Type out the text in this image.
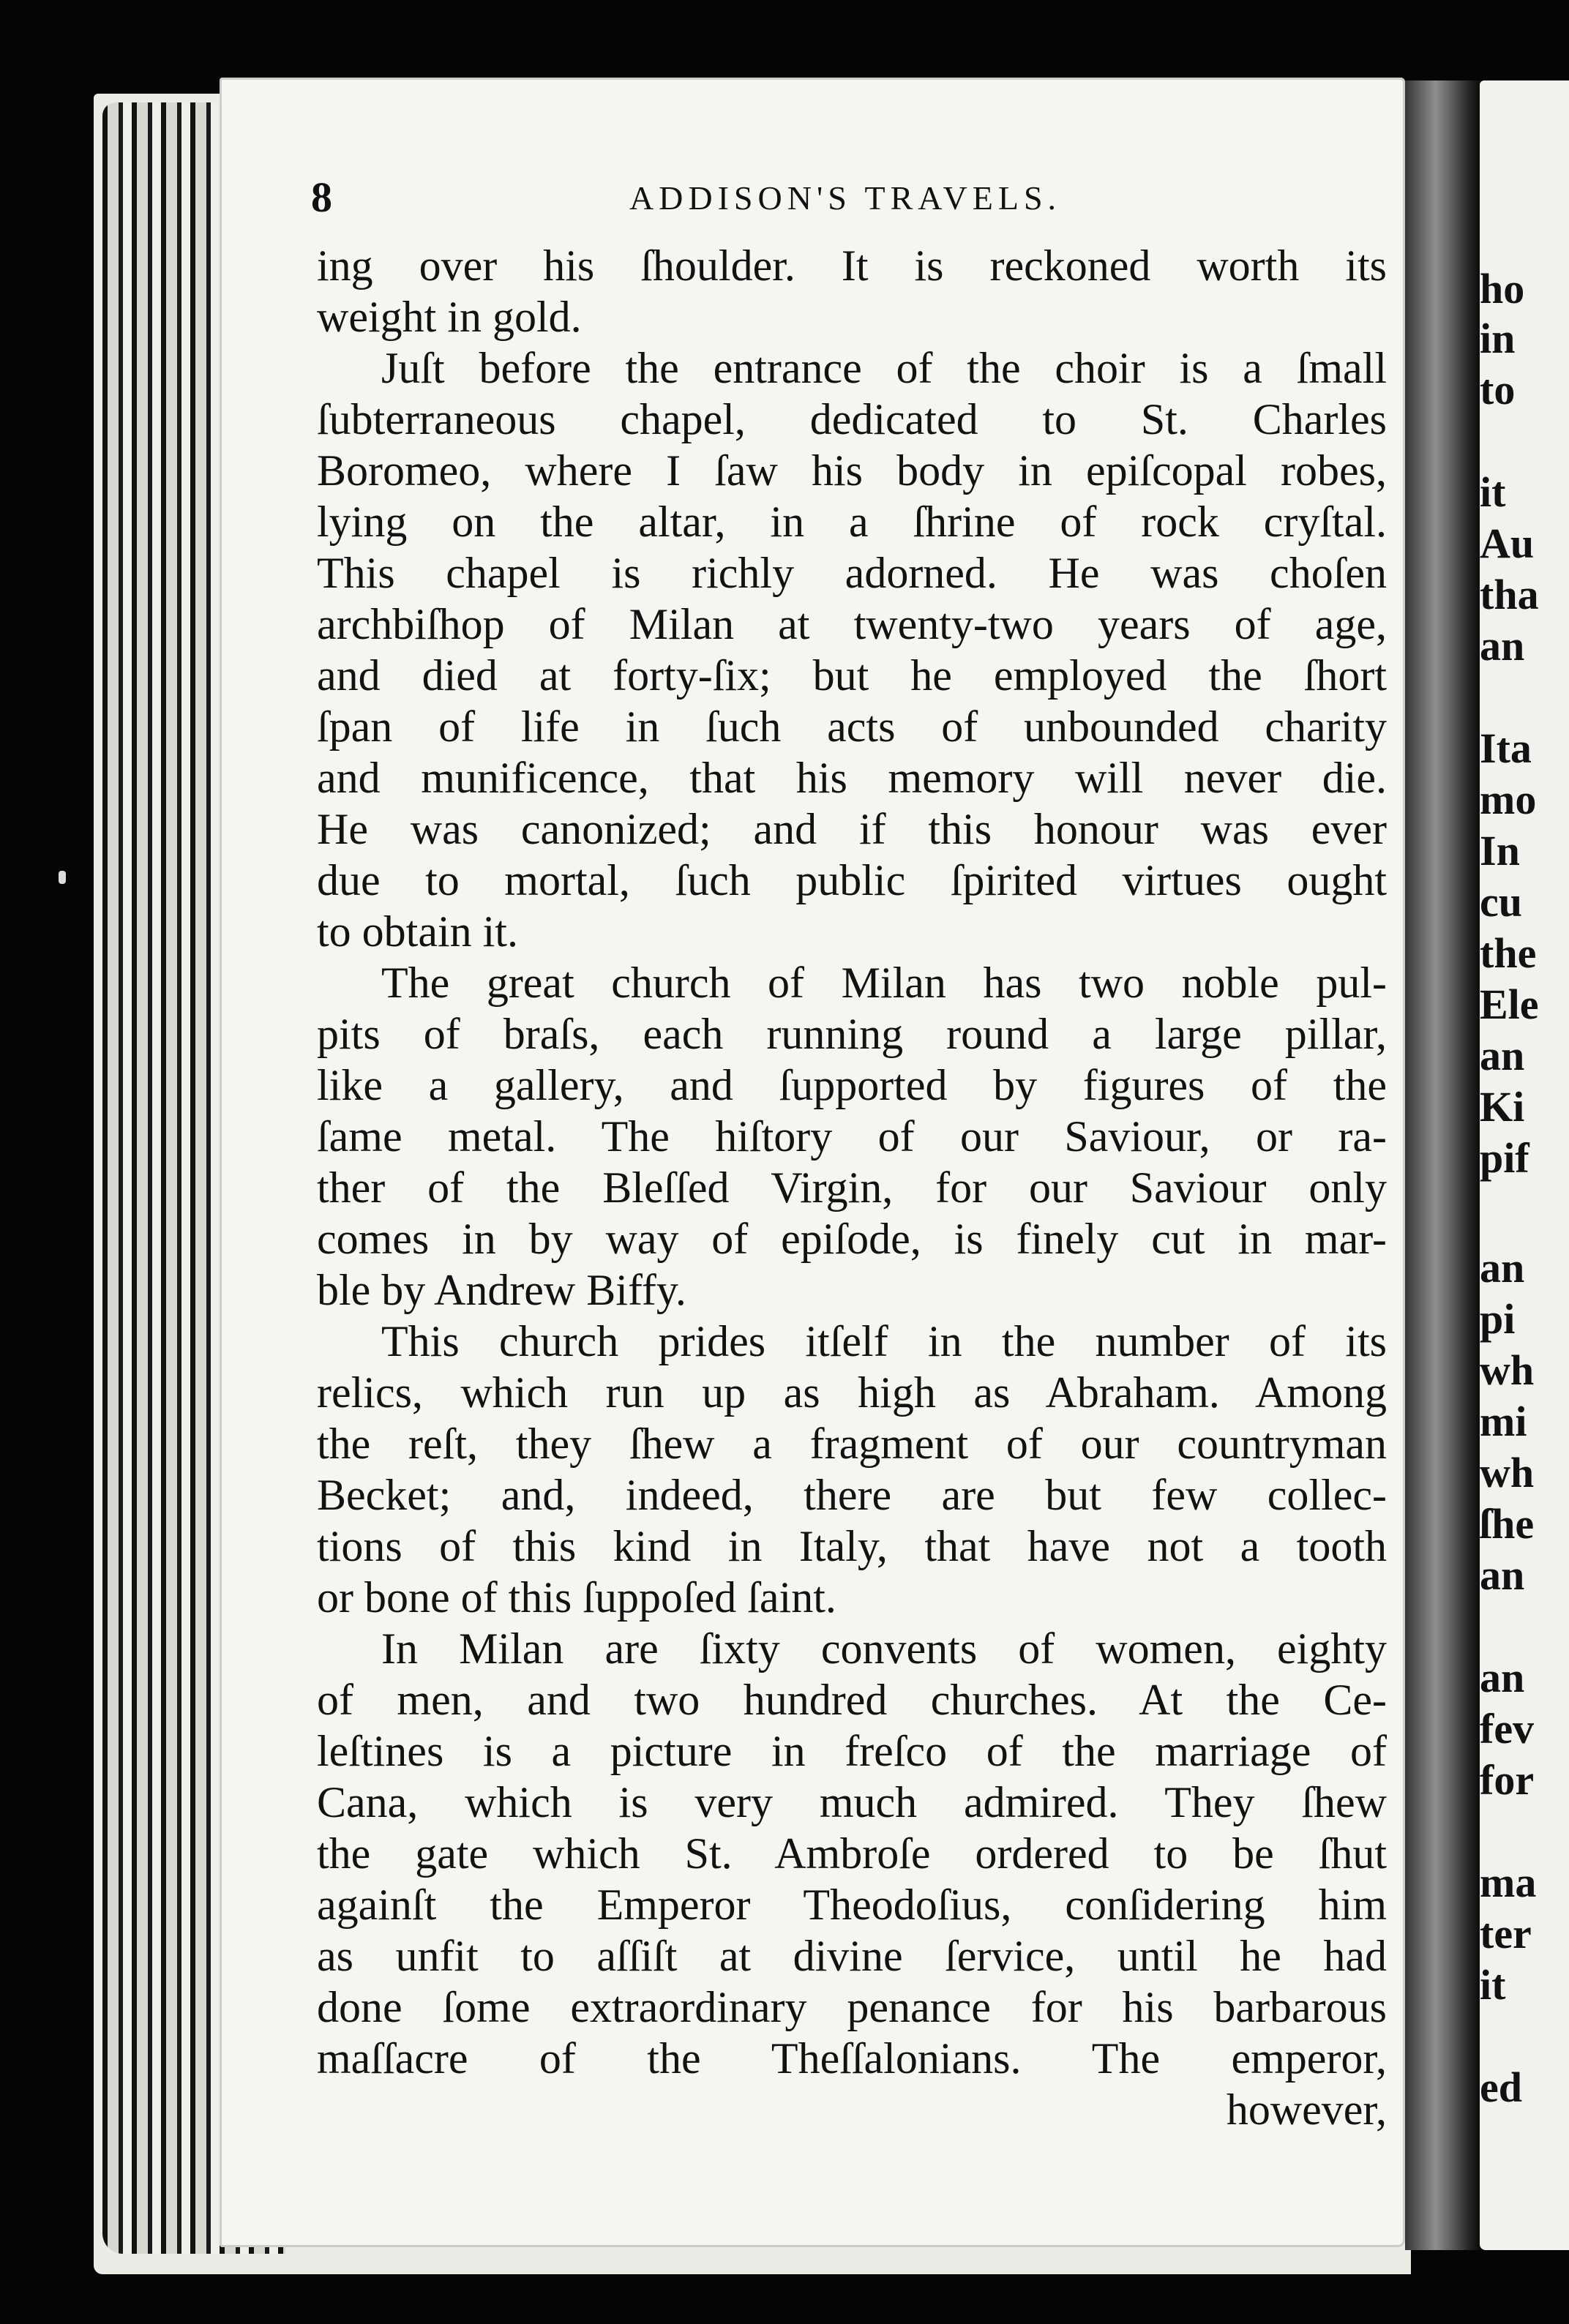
ho
in
to
it
Au
tha
an
Ita
mo
In
cu
the
Ele
an
Ki
pif
an
pi
wh
mi
wh
ſhe
an
an
fev
for
ma
ter
it
ed
8	ADDISON'S TRAVELS.
ing over his ſhoulder. It is reckoned worth its
weight in gold.
Juſt before the entrance of the choir is a ſmall
ſubterraneous chapel, dedicated to St. Charles
Boromeo, where I ſaw his body in epiſcopal robes,
lying on the altar, in a ſhrine of rock cryſtal.
This chapel is richly adorned. He was choſen
archbiſhop of Milan at twenty-two years of age,
and died at forty-ſix; but he employed the ſhort
ſpan of life in ſuch acts of unbounded charity
and munificence, that his memory will never die.
He was canonized; and if this honour was ever
due to mortal, ſuch public ſpirited virtues ought
to obtain it.
The great church of Milan has two noble pul-
pits of braſs, each running round a large pillar,
like a gallery, and ſupported by figures of the
ſame metal. The hiſtory of our Saviour, or ra-
ther of the Bleſſed Virgin, for our Saviour only
comes in by way of epiſode, is finely cut in mar-
ble by Andrew Biffy.
This church prides itſelf in the number of its
relics, which run up as high as Abraham. Among
the reſt, they ſhew a fragment of our countryman
Becket; and, indeed, there are but few collec-
tions of this kind in Italy, that have not a tooth
or bone of this ſuppoſed ſaint.
In Milan are ſixty convents of women, eighty
of men, and two hundred churches. At the Ce-
leſtines is a picture in freſco of the marriage of
Cana, which is very much admired. They ſhew
the gate which St. Ambroſe ordered to be ſhut
againſt the Emperor Theodoſius, conſidering him
as unfit to aſſiſt at divine ſervice, until he had
done ſome extraordinary penance for his barbarous
maſſacre of the Theſſalonians. The emperor,
however,
